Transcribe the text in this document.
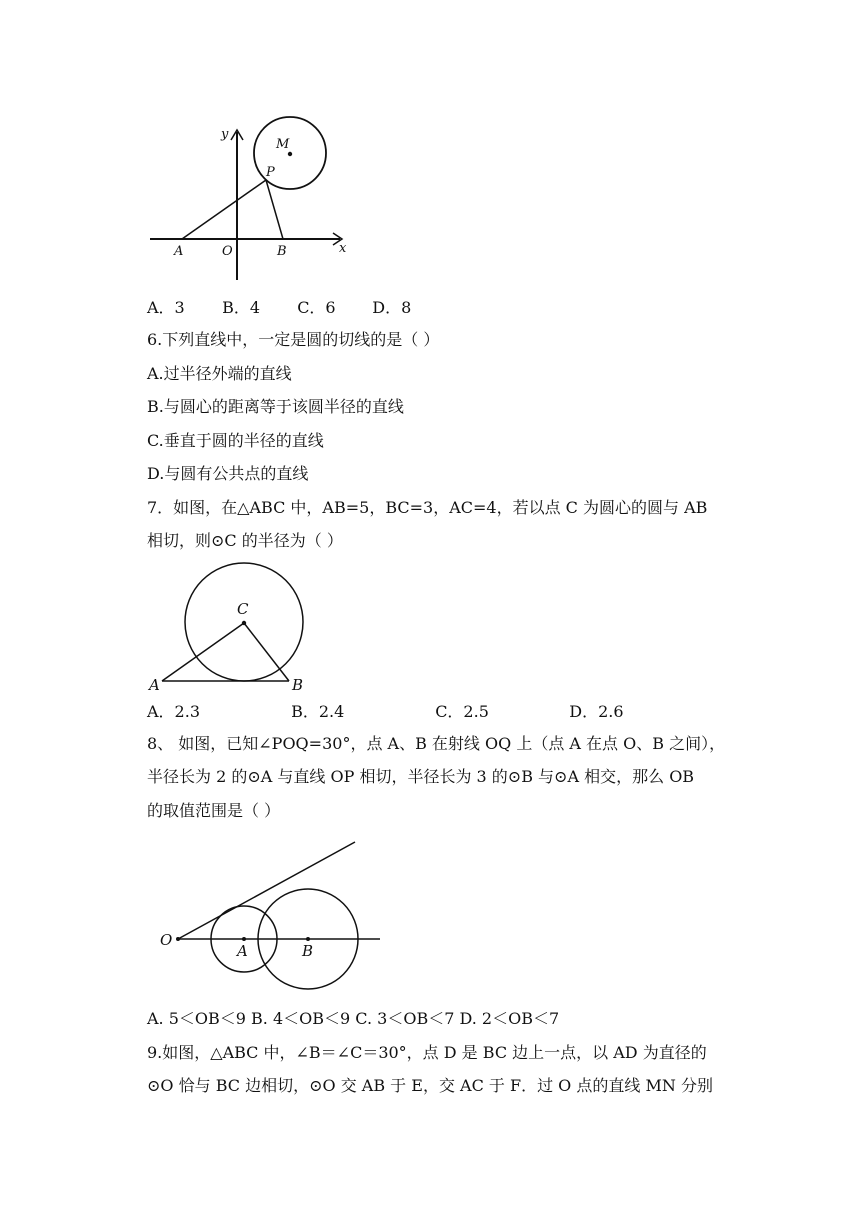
y
x
M
P
A	O	B
A．3 B．4 C．6 D．8
6.下列直线中，一定是圆的切线的是（ ）
A.过半径外端的直线
B.与圆心的距离等于该圆半径的直线
C.垂直于圆的半径的直线
D.与圆有公共点的直线
7．如图，在△ABC 中，AB=5，BC=3，AC=4，若以点 C 为圆心的圆与 AB
相切，则⊙C 的半径为（ ）
C
A	B
A．2.3	B．2.4	C．2.5	D．2.6
8、 如图，已知∠POQ=30°，点 A、B 在射线 OQ 上（点 A 在点 O、B 之间），
半径长为 2 的⊙A 与直线 OP 相切，半径长为 3 的⊙B 与⊙A 相交，那么 OB
的取值范围是（ ）
O
A	B
A. 5＜OB＜9 B. 4＜OB＜9 C. 3＜OB＜7 D. 2＜OB＜7
9.如图，△ABC 中，∠B＝∠C＝30°，点 D 是 BC 边上一点，以 AD 为直径的
⊙O 恰与 BC 边相切，⊙O 交 AB 于 E，交 AC 于 F．过 O 点的直线 MN 分别
